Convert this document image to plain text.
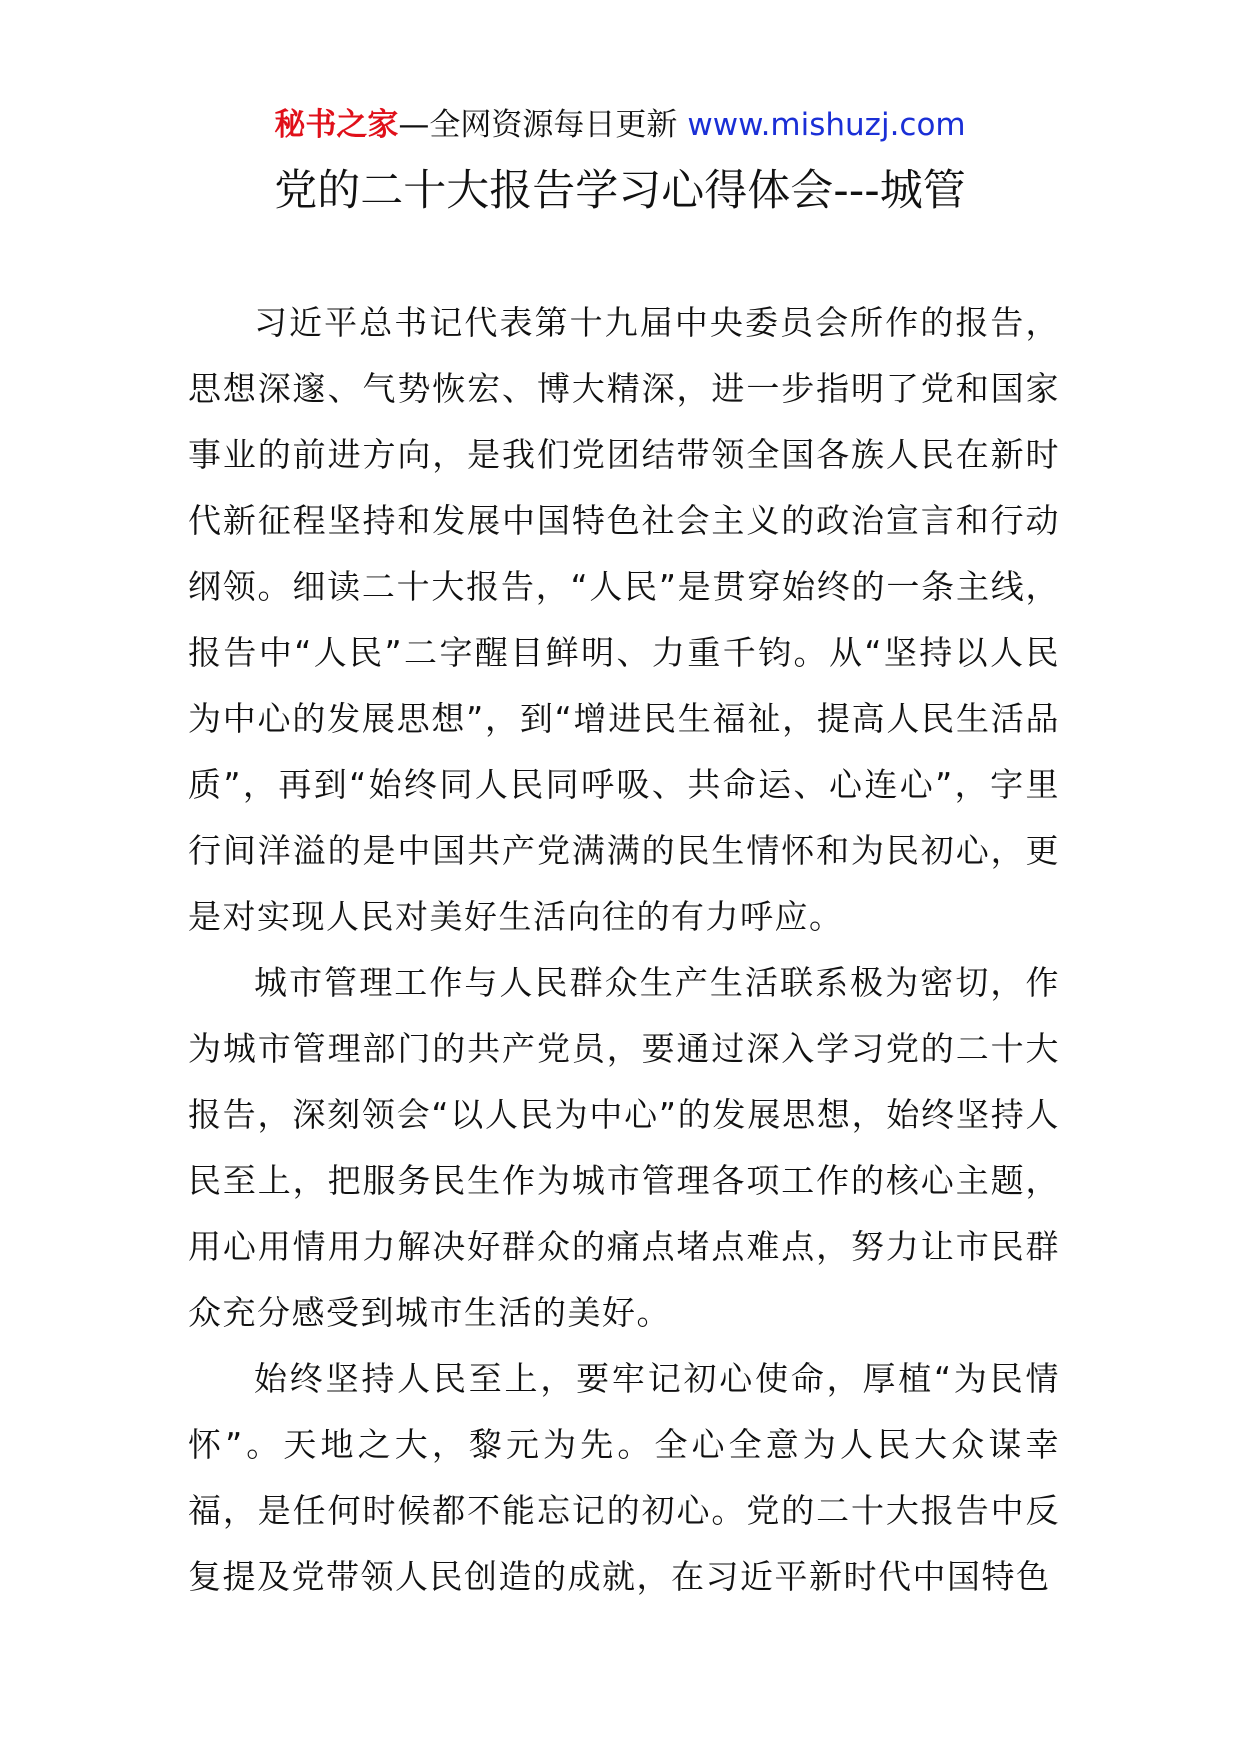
秘书之家—全网资源每日更新 www.mishuzj.com
党的二十大报告学习心得体会---城管

习近平总书记代表第十九届中央委员会所作的报告，思想深邃、气势恢宏、博大精深，进一步指明了党和国家事业的前进方向，是我们党团结带领全国各族人民在新时代新征程坚持和发展中国特色社会主义的政治宣言和行动纲领。细读二十大报告，“人民”是贯穿始终的一条主线，报告中“人民”二字醒目鲜明、力重千钧。从“坚持以人民为中心的发展思想”，到“增进民生福祉，提高人民生活品质”，再到“始终同人民同呼吸、共命运、心连心”，字里行间洋溢的是中国共产党满满的民生情怀和为民初心，更是对实现人民对美好生活向往的有力呼应。

城市管理工作与人民群众生产生活联系极为密切，作为城市管理部门的共产党员，要通过深入学习党的二十大报告，深刻领会“以人民为中心”的发展思想，始终坚持人民至上，把服务民生作为城市管理各项工作的核心主题，用心用情用力解决好群众的痛点堵点难点，努力让市民群众充分感受到城市生活的美好。

始终坚持人民至上，要牢记初心使命，厚植“为民情怀”。天地之大，黎元为先。全心全意为人民大众谋幸福，是任何时候都不能忘记的初心。党的二十大报告中反复提及党带领人民创造的成就，在习近平新时代中国特色
